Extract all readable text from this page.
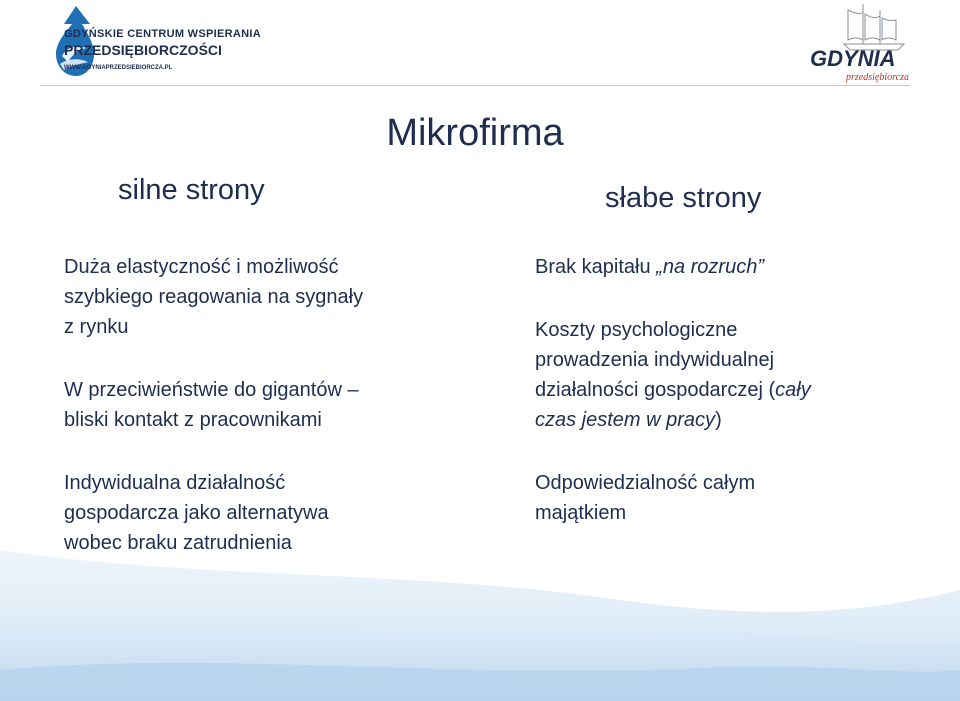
GDYŃSKIE CENTRUM WSPIERANIA
PRZEDSIĘBIORCZOŚCI
WWW.GDYNIAPRZEDSIEBIORCZA.PL	GDYNIA
przedsiębiorcza
Mikrofirma
silne strony	słabe strony
Duża elastyczność i możliwość
szybkiego reagowania na sygnały
z rynku
W przeciwieństwie do gigantów –
bliski kontakt z pracownikami
Indywidualna działalność
gospodarcza jako alternatywa
wobec braku zatrudnienia
Brak kapitału „na rozruch”
Koszty psychologiczne
prowadzenia indywidualnej
działalności gospodarczej (cały
czas jestem w pracy)
Odpowiedzialność całym
majątkiem
